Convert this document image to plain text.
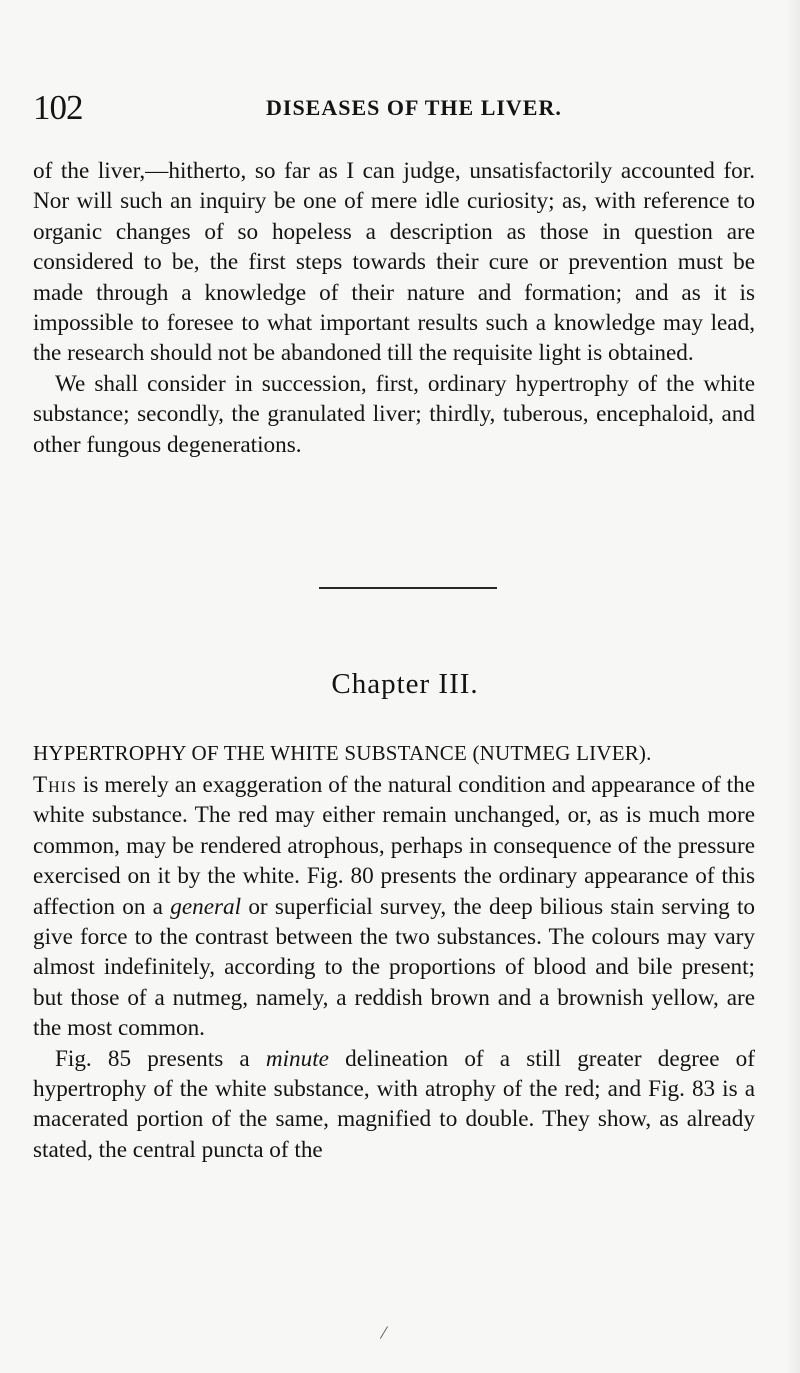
102	DISEASES OF THE LIVER.

of the liver,—hitherto, so far as I can judge, unsatisfactorily accounted for. Nor will such an inquiry be one of mere idle curiosity; as, with reference to organic changes of so hopeless a description as those in question are considered to be, the first steps towards their cure or prevention must be made through a knowledge of their nature and formation; and as it is impossible to foresee to what important results such a knowledge may lead, the research should not be abandoned till the requisite light is obtained.

We shall consider in succession, first, ordinary hypertrophy of the white substance; secondly, the granulated liver; thirdly, tuberous, encephaloid, and other fungous degenerations.

Chapter III.
HYPERTROPHY OF THE WHITE SUBSTANCE (NUTMEG LIVER).

This is merely an exaggeration of the natural condition and appearance of the white substance. The red may either remain unchanged, or, as is much more common, may be rendered atrophous, perhaps in consequence of the pressure exercised on it by the white. Fig. 80 presents the ordinary appearance of this affection on a general or superficial survey, the deep bilious stain serving to give force to the contrast between the two substances. The colours may vary almost indefinitely, according to the proportions of blood and bile present; but those of a nutmeg, namely, a reddish brown and a brownish yellow, are the most common.

Fig. 85 presents a minute delineation of a still greater degree of hypertrophy of the white substance, with atrophy of the red; and Fig. 83 is a macerated portion of the same, magnified to double. They show, as already stated, the central puncta of the

/
